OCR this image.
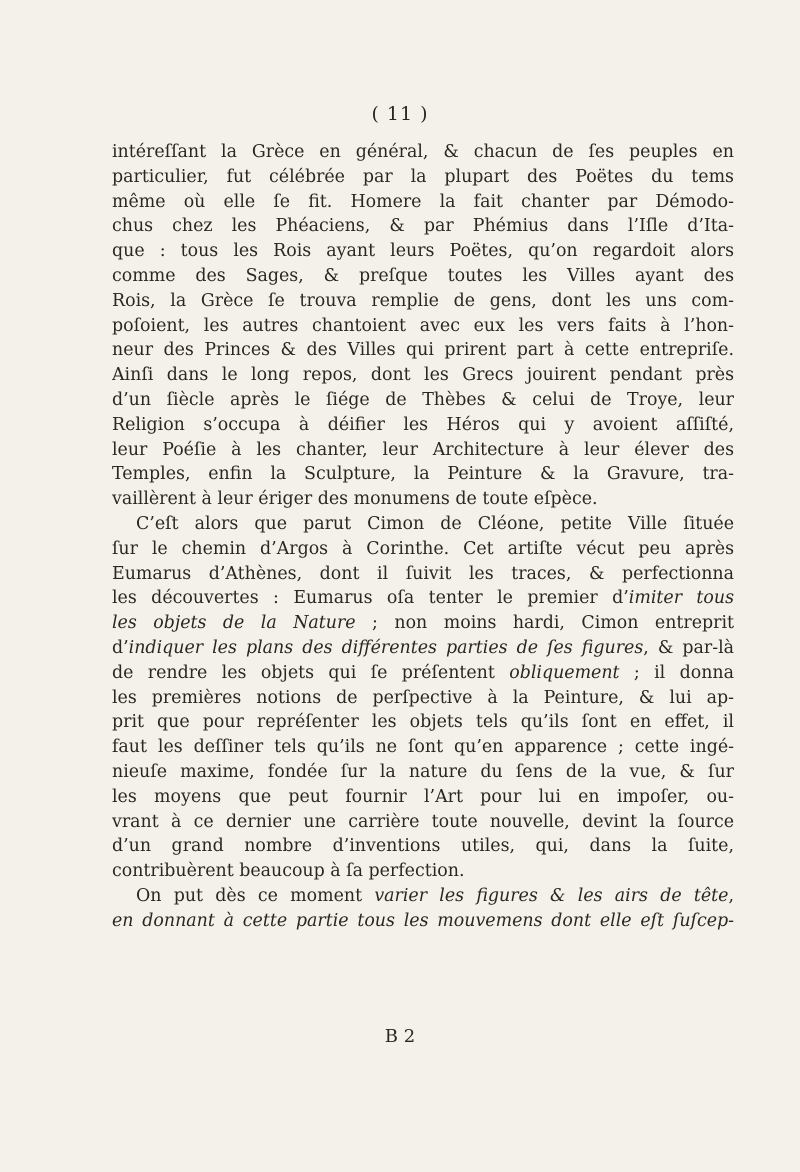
( 11 )
intéreſſant la Grèce en général, & chacun de ſes peuples en
particulier, fut célébrée par la plupart des Poëtes du tems
même où elle ſe fit. Homere la fait chanter par Démodo-
chus chez les Phéaciens, & par Phémius dans l’Iſle d’Ita-
que : tous les Rois ayant leurs Poëtes, qu’on regardoit alors
comme des Sages, & preſque toutes les Villes ayant des
Rois, la Grèce ſe trouva remplie de gens, dont les uns com-
poſoient, les autres chantoient avec eux les vers faits à l’hon-
neur des Princes & des Villes qui prirent part à cette entrepriſe.
Ainſi dans le long repos, dont les Grecs jouirent pendant près
d’un ſiècle après le ſiége de Thèbes & celui de Troye, leur
Religion s’occupa à déifier les Héros qui y avoient aſſiſté,
leur Poéſie à les chanter, leur Architecture à leur élever des
Temples, enfin la Sculpture, la Peinture & la Gravure, tra-
vaillèrent à leur ériger des monumens de toute eſpèce.
C’eſt alors que parut Cimon de Cléone, petite Ville ſituée
ſur le chemin d’Argos à Corinthe. Cet artiſte vécut peu après
Eumarus d’Athènes, dont il ſuivit les traces, & perfectionna
les découvertes : Eumarus oſa tenter le premier d’imiter tous
les objets de la Nature ; non moins hardi, Cimon entreprit
d’indiquer les plans des différentes parties de ſes figures, & par-là
de rendre les objets qui ſe préſentent obliquement ; il donna
les premières notions de perſpective à la Peinture, & lui ap-
prit que pour repréſenter les objets tels qu’ils ſont en effet, il
faut les deſſiner tels qu’ils ne ſont qu’en apparence ; cette ingé-
nieuſe maxime, fondée ſur la nature du ſens de la vue, & ſur
les moyens que peut fournir l’Art pour lui en impoſer, ou-
vrant à ce dernier une carrière toute nouvelle, devint la ſource
d’un grand nombre d’inventions utiles, qui, dans la ſuite,
contribuèrent beaucoup à ſa perfection.
On put dès ce moment varier les figures & les airs de tête,
en donnant à cette partie tous les mouvemens dont elle eſt ſuſcep-
B 2
